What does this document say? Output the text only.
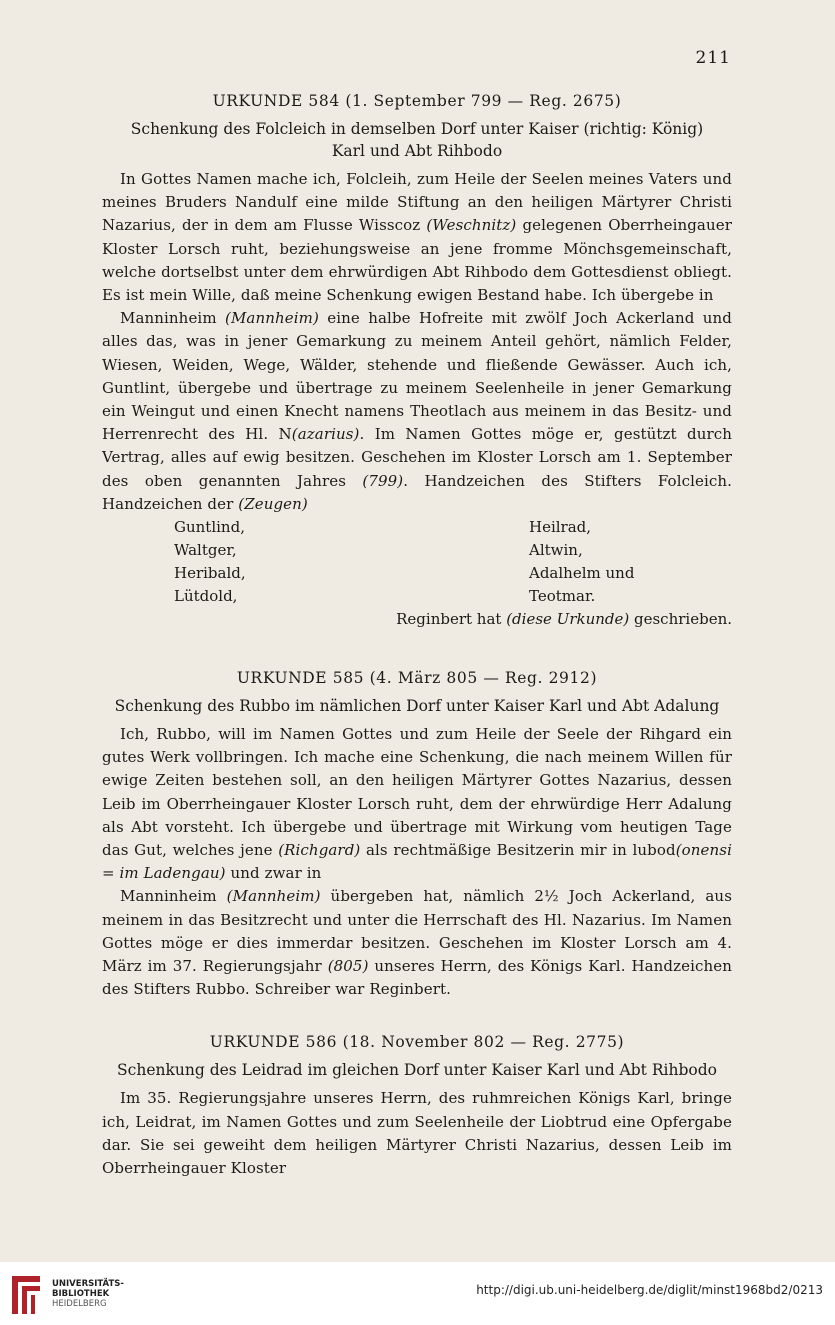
211
URKUNDE 584 (1. September 799 — Reg. 2675)
Schenkung des Folcleich in demselben Dorf unter Kaiser (richtig: König)
Karl und Abt Rihbodo

In Gottes Namen mache ich, Folcleih, zum Heile der Seelen meines Vaters und meines Bruders Nandulf eine milde Stiftung an den heiligen Märtyrer Christi Nazarius, der in dem am Flusse Wisscoz (Weschnitz) gelegenen Oberrheingauer Kloster Lorsch ruht, beziehungsweise an jene fromme Mönchsgemeinschaft, welche dortselbst unter dem ehrwürdigen Abt Rihbodo dem Gottesdienst obliegt. Es ist mein Wille, daß meine Schenkung ewigen Bestand habe. Ich übergebe in

Manninheim (Mannheim) eine halbe Hofreite mit zwölf Joch Ackerland und alles das, was in jener Gemarkung zu meinem Anteil gehört, nämlich Felder, Wiesen, Weiden, Wege, Wälder, stehende und fließende Gewässer. Auch ich, Guntlint, übergebe und übertrage zu meinem Seelenheile in jener Gemarkung ein Weingut und einen Knecht namens Theotlach aus meinem in das Besitz- und Herrenrecht des Hl. N(azarius). Im Namen Gottes möge er, gestützt durch Vertrag, alles auf ewig besitzen. Geschehen im Kloster Lorsch am 1. September des oben genannten Jahres (799). Handzeichen des Stifters Folcleich. Handzeichen der (Zeugen)

Guntlind,	Heilrad,
Waltger,	Altwin,
Heribald,	Adalhelm und
Lütdold,	Teotmar.

Reginbert hat (diese Urkunde) geschrieben.

URKUNDE 585 (4. März 805 — Reg. 2912)
Schenkung des Rubbo im nämlichen Dorf unter Kaiser Karl und Abt Adalung

Ich, Rubbo, will im Namen Gottes und zum Heile der Seele der Rihgard ein gutes Werk vollbringen. Ich mache eine Schenkung, die nach meinem Willen für ewige Zeiten bestehen soll, an den heiligen Märtyrer Gottes Nazarius, dessen Leib im Oberrheingauer Kloster Lorsch ruht, dem der ehrwürdige Herr Adalung als Abt vorsteht. Ich übergebe und übertrage mit Wirkung vom heutigen Tage das Gut, welches jene (Richgard) als rechtmäßige Besitzerin mir in lubod(onensi = im Ladengau) und zwar in

Manninheim (Mannheim) übergeben hat, nämlich 2½ Joch Ackerland, aus meinem in das Besitzrecht und unter die Herrschaft des Hl. Nazarius. Im Namen Gottes möge er dies immerdar besitzen. Geschehen im Kloster Lorsch am 4. März im 37. Regierungsjahr (805) unseres Herrn, des Königs Karl. Handzeichen des Stifters Rubbo. Schreiber war Reginbert.

URKUNDE 586 (18. November 802 — Reg. 2775)
Schenkung des Leidrad im gleichen Dorf unter Kaiser Karl und Abt Rihbodo

Im 35. Regierungsjahre unseres Herrn, des ruhmreichen Königs Karl, bringe ich, Leidrat, im Namen Gottes und zum Seelenheile der Liobtrud eine Opfergabe dar. Sie sei geweiht dem heiligen Märtyrer Christi Nazarius, dessen Leib im Oberrheingauer Kloster

UNIVERSITÄTS-
BIBLIOTHEK
HEIDELBERG
http://digi.ub.uni-heidelberg.de/diglit/minst1968bd2/0213
